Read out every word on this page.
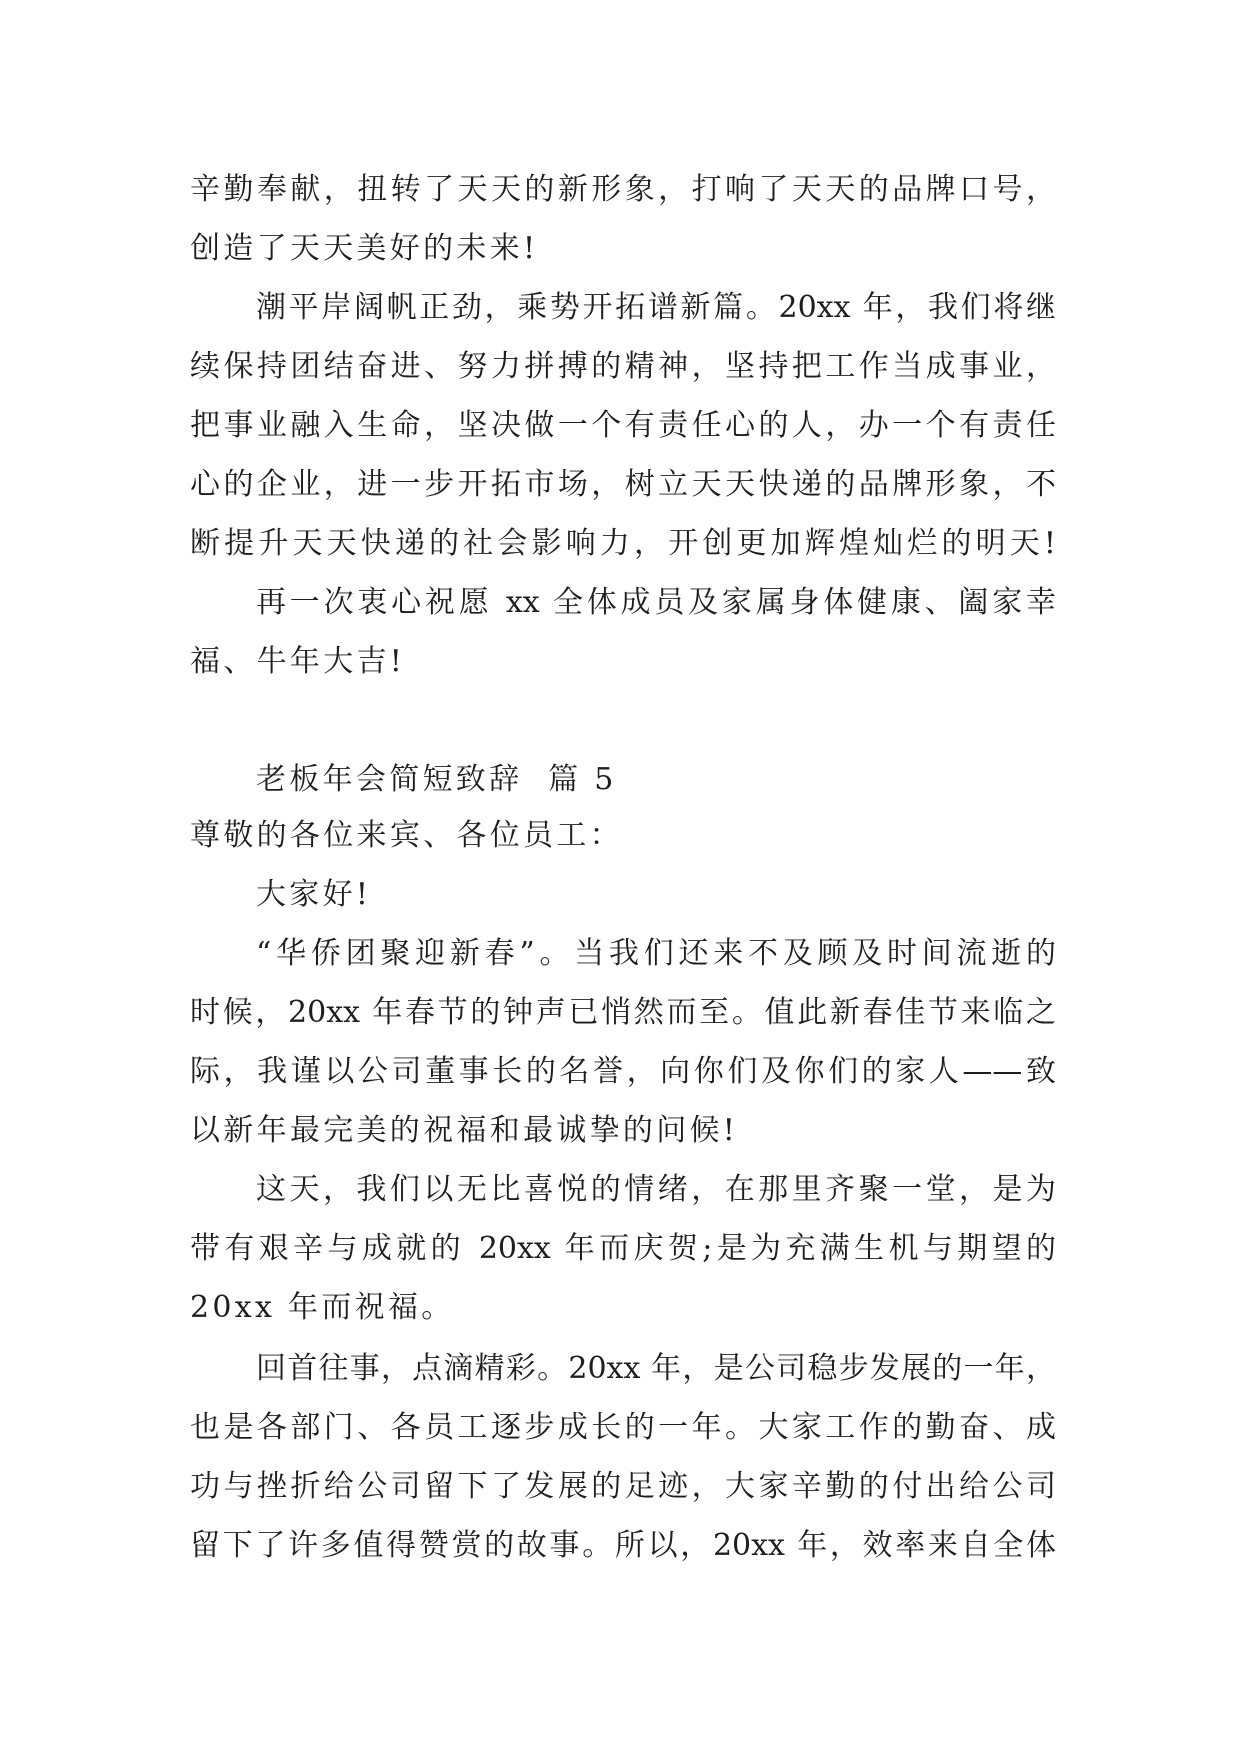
辛勤奉献，扭转了天天的新形象，打响了天天的品牌口号，
创造了天天美好的未来!
潮平岸阔帆正劲，乘势开拓谱新篇。20xx 年，我们将继
续保持团结奋进、努力拼搏的精神，坚持把工作当成事业，
把事业融入生命，坚决做一个有责任心的人，办一个有责任
心的企业，进一步开拓市场，树立天天快递的品牌形象，不
断提升天天快递的社会影响力，开创更加辉煌灿烂的明天!
再一次衷心祝愿 xx 全体成员及家属身体健康、阖家幸
福、牛年大吉!
老板年会简短致辞  篇 5
尊敬的各位来宾、各位员工：
大家好!
“华侨团聚迎新春”。当我们还来不及顾及时间流逝的
时候，20xx 年春节的钟声已悄然而至。值此新春佳节来临之
际，我谨以公司董事长的名誉，向你们及你们的家人——致
以新年最完美的祝福和最诚挚的问候!
这天，我们以无比喜悦的情绪，在那里齐聚一堂，是为
带有艰辛与成就的 20xx 年而庆贺;是为充满生机与期望的
20xx 年而祝福。
回首往事，点滴精彩。20xx 年，是公司稳步发展的一年，
也是各部门、各员工逐步成长的一年。大家工作的勤奋、成
功与挫折给公司留下了发展的足迹，大家辛勤的付出给公司
留下了许多值得赞赏的故事。所以，20xx 年，效率来自全体
